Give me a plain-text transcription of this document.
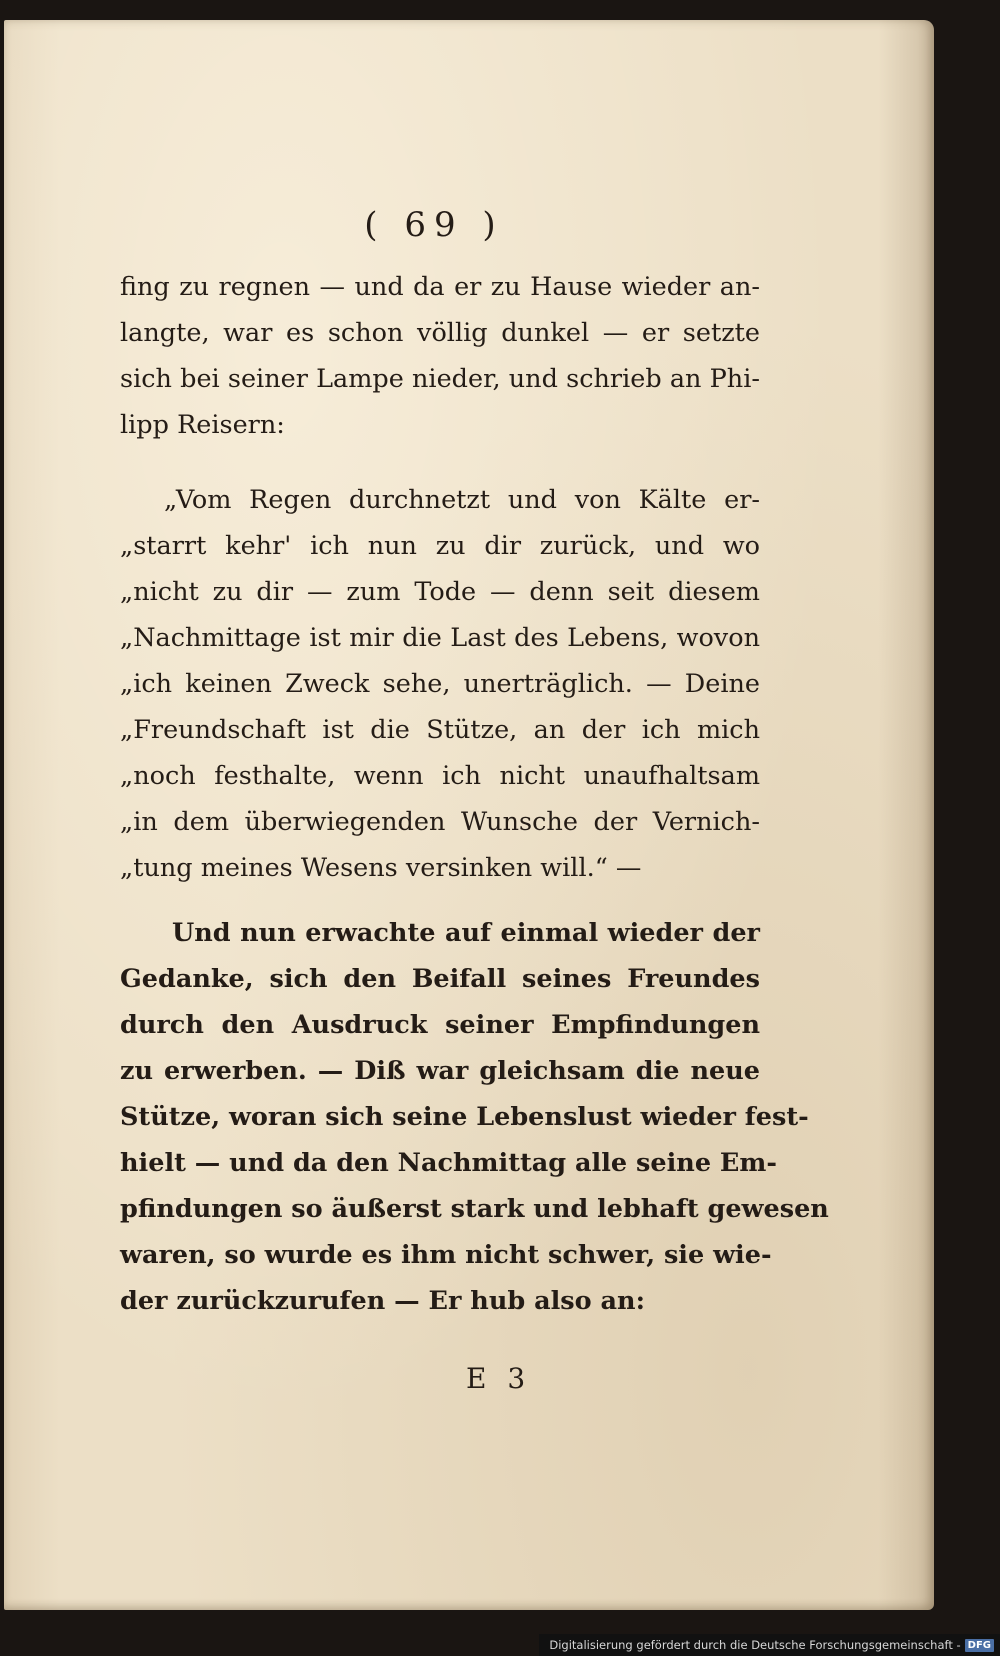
( 69 )
fing zu regnen — und da er zu Hause wieder an-
langte, war es schon völlig dunkel — er setzte
sich bei seiner Lampe nieder, und schrieb an Phi-
lipp Reisern:
„Vom Regen durchnetzt und von Kälte er-
„starrt kehr' ich nun zu dir zurück, und wo
„nicht zu dir — zum Tode — denn seit diesem
„Nachmittage ist mir die Last des Lebens, wovon
„ich keinen Zweck sehe, unerträglich. — Deine
„Freundschaft ist die Stütze, an der ich mich
„noch festhalte, wenn ich nicht unaufhaltsam
„in dem überwiegenden Wunsche der Vernich-
„tung meines Wesens versinken will.“ —
Und nun erwachte auf einmal wieder der
Gedanke, sich den Beifall seines Freundes
durch den Ausdruck seiner Empfindungen
zu erwerben. — Diß war gleichsam die neue
Stütze, woran sich seine Lebenslust wieder fest-
hielt — und da den Nachmittag alle seine Em-
pfindungen so äußerst stark und lebhaft gewesen
waren, so wurde es ihm nicht schwer, sie wie-
der zurückzurufen — Er hub also an:
E 3
Digitalisierung gefördert durch die Deutsche Forschungsgemeinschaft - DFG
